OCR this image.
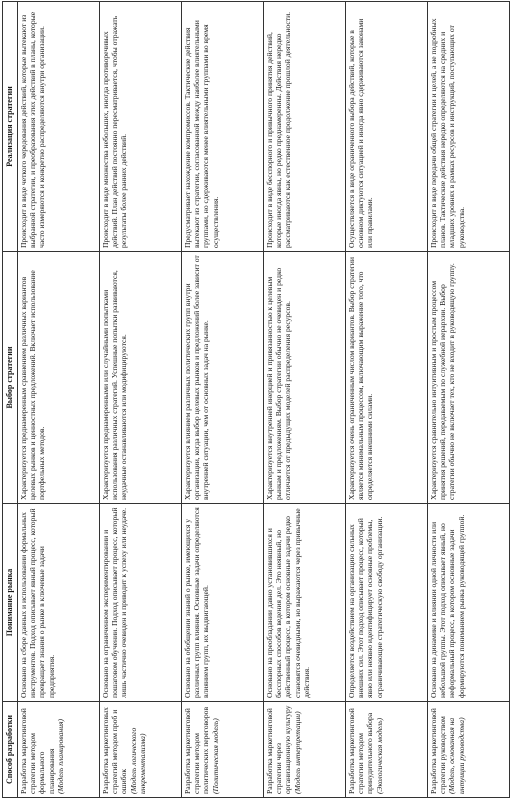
Способ разработки	Понимание рынка	Выбор стратегии	Реализация стратегии

Разработка маркетинговой стратегии методом формального планирования (Модель планирования)	Основано на сборе данных и использовании формальных инструментов. Подход описывает явный процесс, который превращает знания о рынке в ключевые задачи предприятия.	Характеризуется преднамеренным сравнением различных вариантов целевых рынков и ценностных предложений. Включает использование портфельных методов.	Происходит в виде четкого чередования действий, которые вытекают из выбранной стратегии, и преобразования этих действий в планы, которые часто измеряются и конкретно распределяются внутри организации.

Разработка маркетинговых стратегий методом проб и ошибок (Модель логического инкрементализма)	Основано на ограниченном экспериментировании и пошаговом обучении. Подход описывает процесс, который лишь частично очевиден и приводит к успеху или неудаче.	Характеризуется преднамеренными или случайными попытками использования различных стратегий. Успешные попытки развиваются, неудачные останавливаются или модифицируются.	Происходит в виде множества небольших, иногда противоречивых действий. План действий постоянно пересматривается, чтобы отражать результаты более ранних действий.

Разработка маркетинговой стратегии методом политических переговоров (Политическая модель)	Основано на обобщении знаний о рынке, имеющихся у различных групп влияния. Основные задачи определяются влиянием групп, их выдвигающей.	Характеризуется влиянием различных политических групп внутри организации, когда выбор целевых рынков и предложений более зависит от внутренней ситуации, чем от основных задач на рынке.	Предусматривает нахождение компромиссов. Тактические действия вытекают из стратегии, согласованной между наиболее влиятельными группами, но сдерживаются менее влиятельными группами во время осуществления.

Разработка маркетинговой стратегии через организационную культуру (Модель интерпретации)	Основано на преобладании давно установившихся и бесспорных способов ведения дел. Это неявный, но действенный процесс, в котором основные задачи редко становятся очевидными, но выражаются через привычные действия.	Характеризуется внутренней инерцией и привязанностью к целевым рынкам и предложениям. Выбор стратегии обычно не очевиден и редко отличается от предыдущих моделей распределения ресурсов.	Происходит в виде бесспорного и привычного принятия действий, которые иногда явны, но редко преднамеренны. Действия нередко рассматриваются как естественное продолжение прошлой деятельности.

Разработка маркетинговой стратегии методом принудительного выбора (Экологическая модель)	Определяется воздействием на организацию сильных внешних сил. Этот подход описывает процесс, который явно или неявно идентифицирует основные проблемы, ограничивающие стратегическую свободу организации.	Характеризуется очень ограниченным числом вариантов. Выбор стратегии является минимальным процессом, включающим выражение того, что определяется внешними силами.	Осуществляется в виде ограниченного выбора действий, которые в основном диктуются ситуацией и иногда явно сдерживаются законами или правилами.

Разработка маркетинговой стратегии руководством (Модель, основанная на интуиции руководства)	Основано на динамике и влиянии одной личности или небольшой группы. Этот подход описывает явный, но неформальный процесс, в котором основные задачи формируются пониманием рынка руководящей группой.	Характеризуется сравнительно интуитивным и простым процессом принятия решений, передаваемым по служебной иерархии. Выбор стратегии обычно не включает тех, кто не входит в руководящую группу.	Происходит в виде передачи общей стратегии и целей, а не подробных планов. Тактические действия нередко определяются на средних и младших уровнях в рамках ресурсов и инструкций, поступающих от руководства.
